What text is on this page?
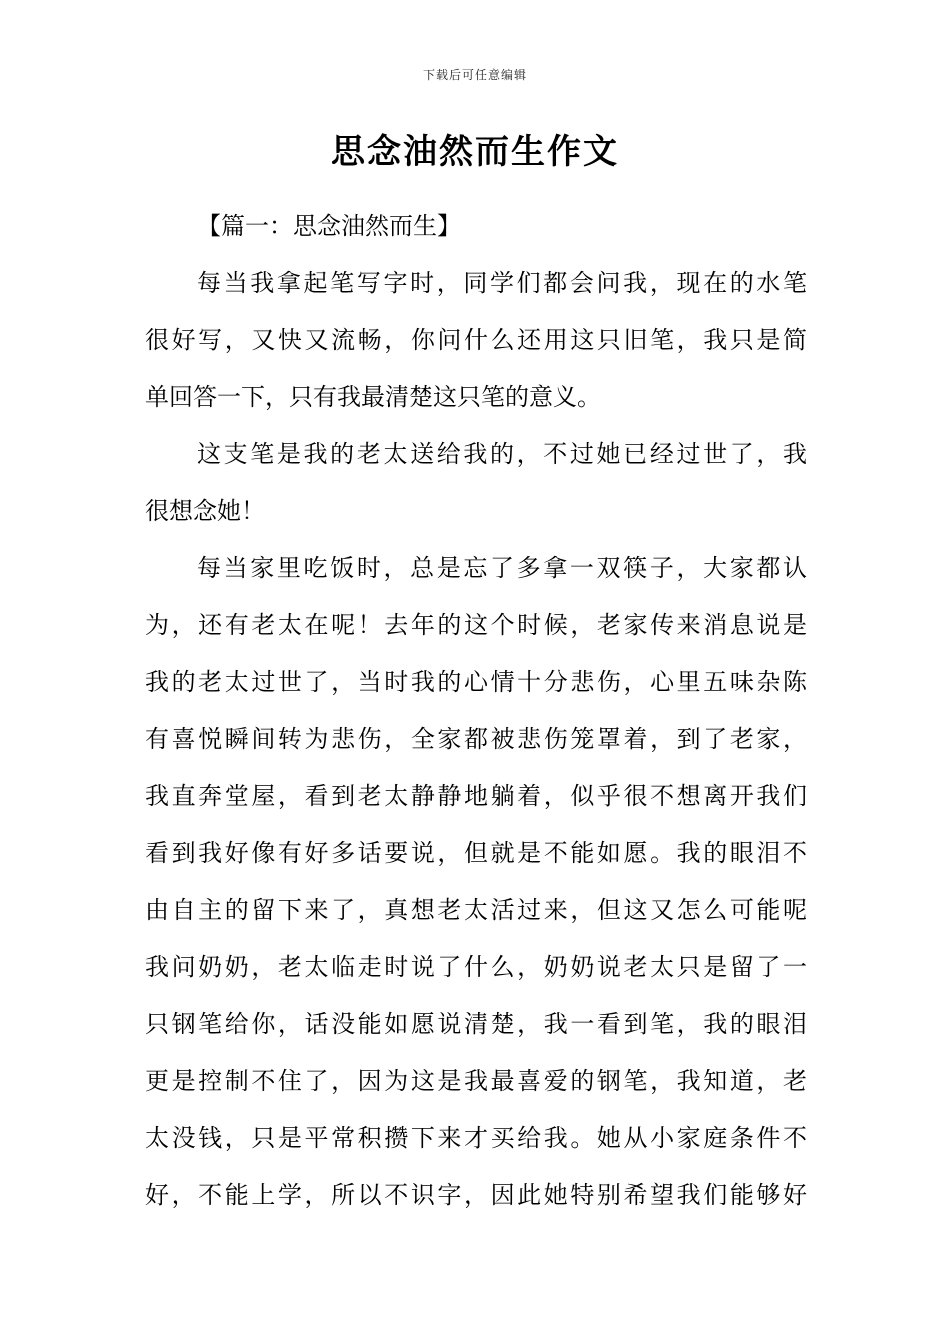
下载后可任意编辑
思念油然而生作文

【篇一：思念油然而生】

每当我拿起笔写字时，同学们都会问我，现在的水笔
很好写，又快又流畅，你问什么还用这只旧笔，我只是简
单回答一下，只有我最清楚这只笔的意义。
这支笔是我的老太送给我的，不过她已经过世了，我
很想念她！
每当家里吃饭时，总是忘了多拿一双筷子，大家都认
为，还有老太在呢！去年的这个时候，老家传来消息说是
我的老太过世了，当时我的心情十分悲伤，心里五味杂陈
有喜悦瞬间转为悲伤，全家都被悲伤笼罩着，到了老家，
我直奔堂屋，看到老太静静地躺着，似乎很不想离开我们
看到我好像有好多话要说，但就是不能如愿。我的眼泪不
由自主的留下来了，真想老太活过来，但这又怎么可能呢
我问奶奶，老太临走时说了什么，奶奶说老太只是留了一
只钢笔给你，话没能如愿说清楚，我一看到笔，我的眼泪
更是控制不住了，因为这是我最喜爱的钢笔，我知道，老
太没钱，只是平常积攒下来才买给我。她从小家庭条件不
好，不能上学，所以不识字，因此她特别希望我们能够好
